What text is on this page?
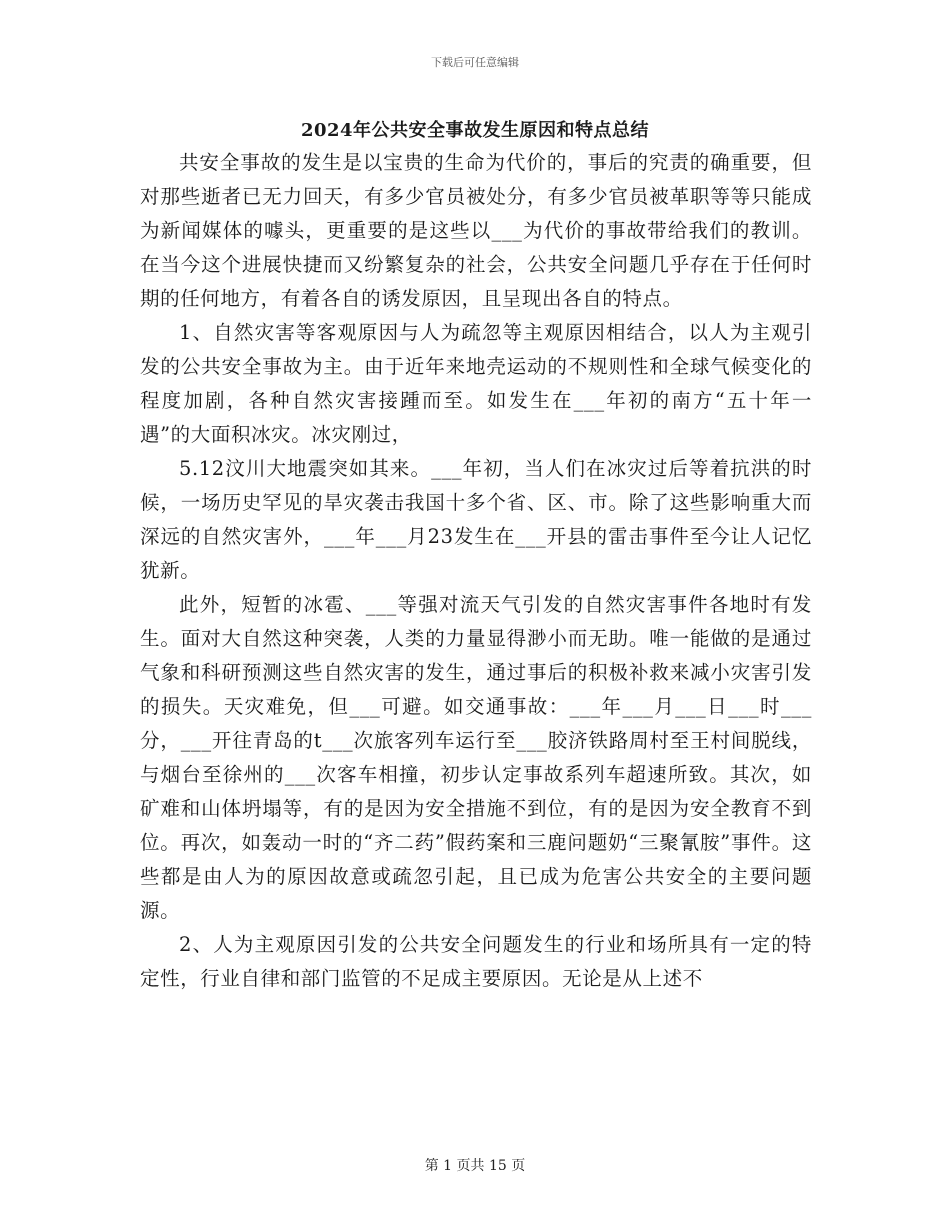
下载后可任意编辑
2024年公共安全事故发生原因和特点总结

共安全事故的发生是以宝贵的生命为代价的，事后的究责的确重要，但对那些逝者已无力回天，有多少官员被处分，有多少官员被革职等等只能成为新闻媒体的噱头，更重要的是这些以___为代价的事故带给我们的教训。在当今这个进展快捷而又纷繁复杂的社会，公共安全问题几乎存在于任何时期的任何地方，有着各自的诱发原因，且呈现出各自的特点。

1、自然灾害等客观原因与人为疏忽等主观原因相结合，以人为主观引发的公共安全事故为主。由于近年来地壳运动的不规则性和全球气候变化的程度加剧，各种自然灾害接踵而至。如发生在___年初的南方“五十年一遇”的大面积冰灾。冰灾刚过，

5.12汶川大地震突如其来。___年初，当人们在冰灾过后等着抗洪的时候，一场历史罕见的旱灾袭击我国十多个省、区、市。除了这些影响重大而深远的自然灾害外，___年___月23发生在___开县的雷击事件至今让人记忆犹新。

此外，短暂的冰雹、___等强对流天气引发的自然灾害事件各地时有发生。面对大自然这种突袭，人类的力量显得渺小而无助。唯一能做的是通过气象和科研预测这些自然灾害的发生，通过事后的积极补救来减小灾害引发的损失。天灾难免，但___可避。如交通事故：___年___月___日___时___分，___开往青岛的t___次旅客列车运行至___胶济铁路周村至王村间脱线，与烟台至徐州的___次客车相撞，初步认定事故系列车超速所致。其次，如矿难和山体坍塌等，有的是因为安全措施不到位，有的是因为安全教育不到位。再次，如轰动一时的“齐二药”假药案和三鹿问题奶“三聚氰胺”事件。这些都是由人为的原因故意或疏忽引起，且已成为危害公共安全的主要问题源。

2、人为主观原因引发的公共安全问题发生的行业和场所具有一定的特定性，行业自律和部门监管的不足成主要原因。无论是从上述不

第 1 页共 15 页
